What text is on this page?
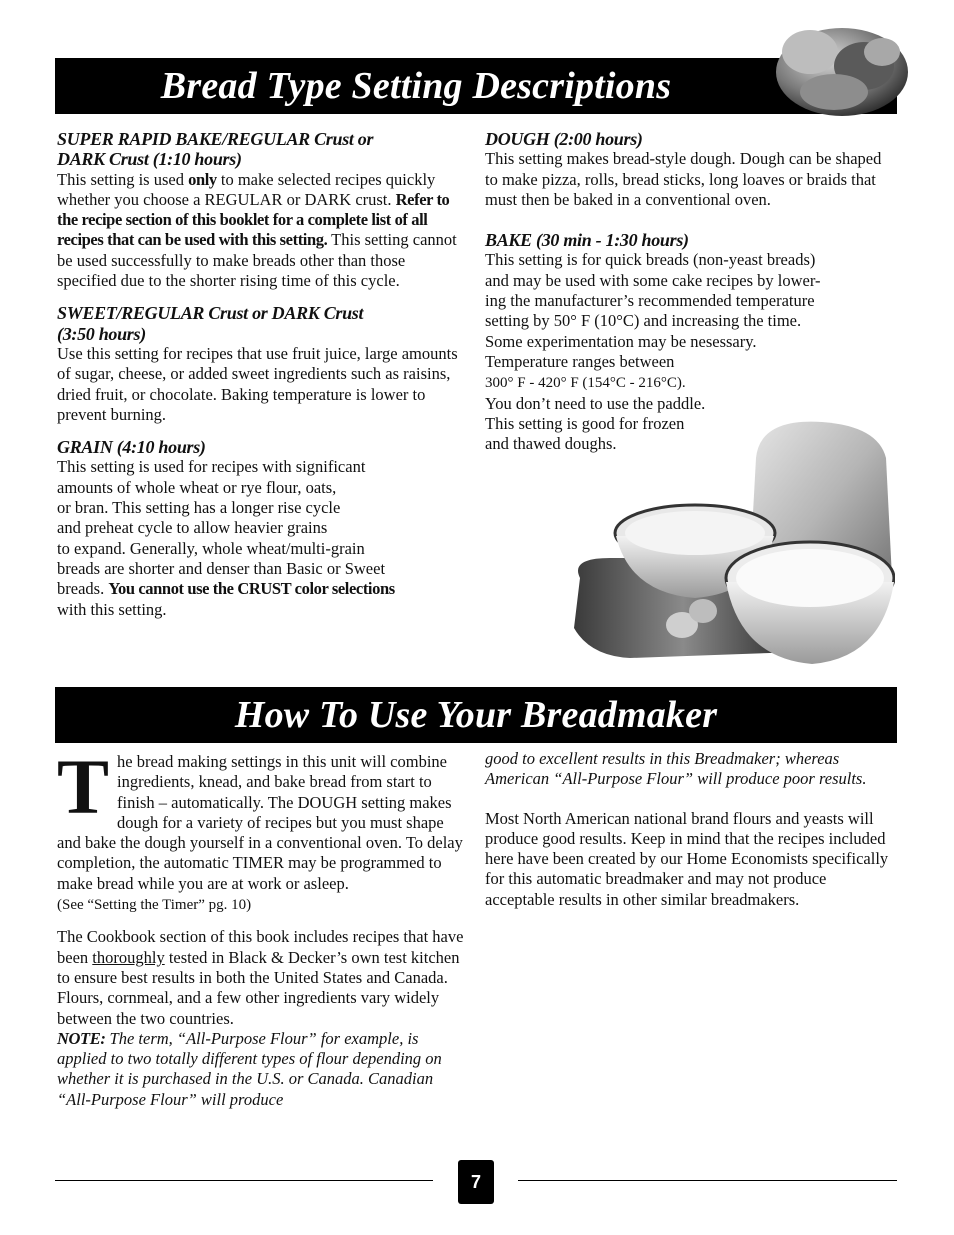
Bread Type Setting Descriptions

SUPER RAPID BAKE/REGULAR Crust or
DARK Crust (1:10 hours)

This setting is used only to make selected recipes quickly whether you choose a REGULAR or DARK crust. Refer to the recipe section of this booklet for a complete list of all recipes that can be used with this setting. This setting cannot be used successfully to make breads other than those specified due to the shorter rising time of this cycle.

SWEET/REGULAR Crust or DARK Crust
(3:50 hours)

Use this setting for recipes that use fruit juice, large amounts of sugar, cheese, or added sweet ingredients such as raisins, dried fruit, or chocolate. Baking temperature is lower to prevent burning.

GRAIN (4:10 hours)

This setting is used for recipes with significant
amounts of whole wheat or rye flour, oats,
or bran. This setting has a longer rise cycle
and preheat cycle to allow heavier grains
to expand. Generally, whole wheat/multi-grain
breads are shorter and denser than Basic or Sweet
breads. You cannot use the CRUST color selections
with this setting.

DOUGH (2:00 hours)

This setting makes bread-style dough. Dough can be shaped to make pizza, rolls, bread sticks, long loaves or braids that must then be baked in a conventional oven.

BAKE (30 min - 1:30 hours)

This setting is for quick breads (non-yeast breads)
and may be used with some cake recipes by lower-
ing the manufacturer’s recommended temperature
setting by 50° F (10°C) and increasing the time.
Some experimentation may be nesessary.
Temperature ranges between
300° F - 420° F (154°C - 216°C).
You don’t need to use the paddle.
This setting is good for frozen
and thawed doughs.

How To Use Your Breadmaker

The bread making settings in this unit will combine ingredients, knead, and bake bread from start to finish – automatically. The DOUGH setting makes dough for a variety of recipes but you must shape and bake the dough yourself in a conventional oven. To delay completion, the automatic TIMER may be programmed to make bread while you are at work or asleep.
(See “Setting the Timer” pg. 10)

The Cookbook section of this book includes recipes that have been thoroughly tested in Black & Decker’s own test kitchen to ensure best results in both the United States and Canada. Flours, cornmeal, and a few other ingredients vary widely between the two countries.

NOTE: The term, “All-Purpose Flour” for example, is applied to two totally different types of flour depending on whether it is purchased in the U.S. or Canada. Canadian “All-Purpose Flour” will produce

good to excellent results in this Breadmaker; whereas American “All-Purpose Flour” will produce poor results.

Most North American national brand flours and yeasts will produce good results. Keep in mind that the recipes included here have been created by our Home Economists specifically for this automatic breadmaker and may not produce acceptable results in other similar breadmakers.

7
